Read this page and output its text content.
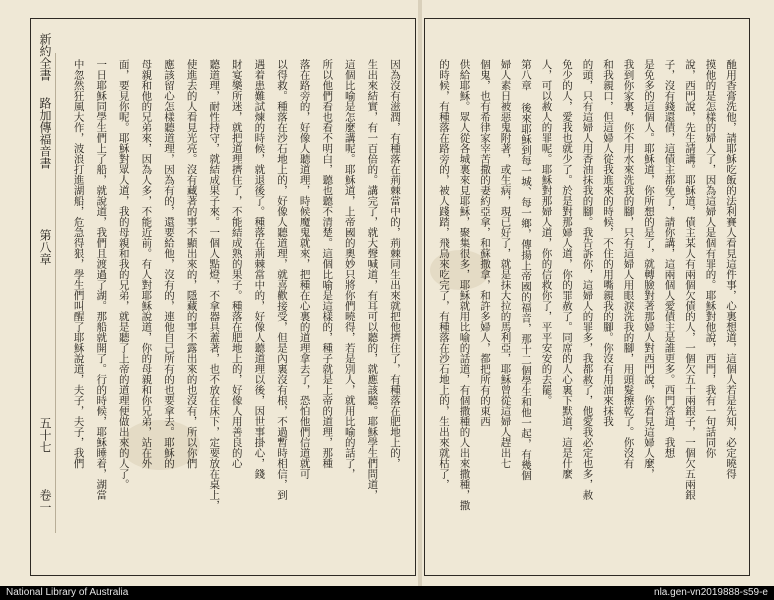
新約全書
路加傳福音書
第八章
五十七
卷一
因為沒有滋潤，有種落在荊棘當中的，荊棘同生出來就把他擠住了，有種落在肥地上的，
生出來結實，有一百倍的。講完了，就大聲喊道，有耳可以聽的，就應該聽。耶穌學生們問道，
這個比喻是怎麼講呢。耶穌道，上帝國的奧妙只將你們曉得，若是別人，就用比喻的話了，
所以他們看也看不明白，聽也聽不清楚。這個比喻是這樣的，種子就是上帝的道理，那種
落在路旁的，好像人聽道理，時候魔鬼就來，把種在心裏的道理拿去了，恐怕他們信道就可
以得救。種落在沙石地上的，好像人聽道理，就喜歡接受，但是內裏沒有根，不過暫時相信，到
遇着患難試煉的時候，就退後了。種落在荊棘當中的，好像人聽道理以後，因世事掛心，錢
財宴樂所迷，就把道理擠住了，不能結成熟的果子。種落在肥地上的，好像人用善良的心
聽道理，耐性持守，就結成果子來。一個人點燈，不拿器具蓋著，也不放在床下，定要放在桌上，
使進去的人看見光亮。沒有藏著的事不顯出來的，隱藏的事不露出來的也沒有，所以你們
應該留心怎樣聽道理，因為有的，還要給他，沒有的，連他自己所有的也要拿去。耶穌的
母親和他的兄弟來，因為人多，不能近前。有人對耶穌說道，你的母親和你兄弟，站在外
面，要見你呢。耶穌對眾人道，我的母親和我的兄弟，就是聽了上帝的道理便做出來的人了。
一日耶穌同學生們上了船，就說道，我們且渡過了湖。那船就開了。行的時候，耶穌睡着，湖當
中忽然狂風大作，波浪打進湖船，危急得狠，學生們叫醒了耶穌說道，夫子，夫子，我們	酏用香膏洗他，請耶穌吃飯的法利賽人看見這件事，心裏想道，這個人若是先知，必定曉得
摸他的是怎樣的婦人了，因為這婦人是個有罪的。耶穌對他說，西門，我有一句話同你
說，西門說，先生請講。耶穌道，債主某人有兩個欠債的人，一個欠五十兩銀子，一個欠五兩銀
子，沒有錢還債，這債主都免了，請你講，這兩個人愛債主是誰更多。西門答道，我想
是免多的這個人。耶穌道，你所想的是了，就轉臉對著那婦人對西門說，你看見這婦人麼，
我到你家裏，你不用水來洗我的腳，只有這婦人用眼淚洗我的腳，用頭髮擦乾了。你沒有
和我親口，但這婦人從我進來的時候，不住的用嘴親我的腳。你沒有用油來抹我
的頭，只有這婦人用香油抹我的腳。我告訴你，這婦人的罪多，我都赦了，他愛我必定也多，赦
免少的人，愛我也就少了。於是對那婦人道，你的罪赦了。同席的人心裏下默道，這是什麼
人，可以赦人的罪呢。耶穌對那婦人道，你的信救你了，平平安安的去罷。
第八章 後來耶穌到每一城、每一鄉，傳揚上帝國的福音，那十二個學生和他一起，有幾個
婦人素日被惡鬼附著，或生病，現已好了，就是抹大拉的馬利亞，耶穌曾從這婦人趕出七
個鬼，也有希律家宰苦撒的妻約亞拿，和蘇撒拿，和許多婦人，都把所有的東西
供給耶穌。眾人從各城裏來見耶穌，聚集很多，耶穌就用比喻的話道，有個撒種的人出來撒種，撒
的時候，有種落在路旁的，被人踐踏，飛鳥來吃完了，有種落在沙石地上的，生出來就枯了，
National Library of Australia	nla.gen-vn2019888-s59-e
